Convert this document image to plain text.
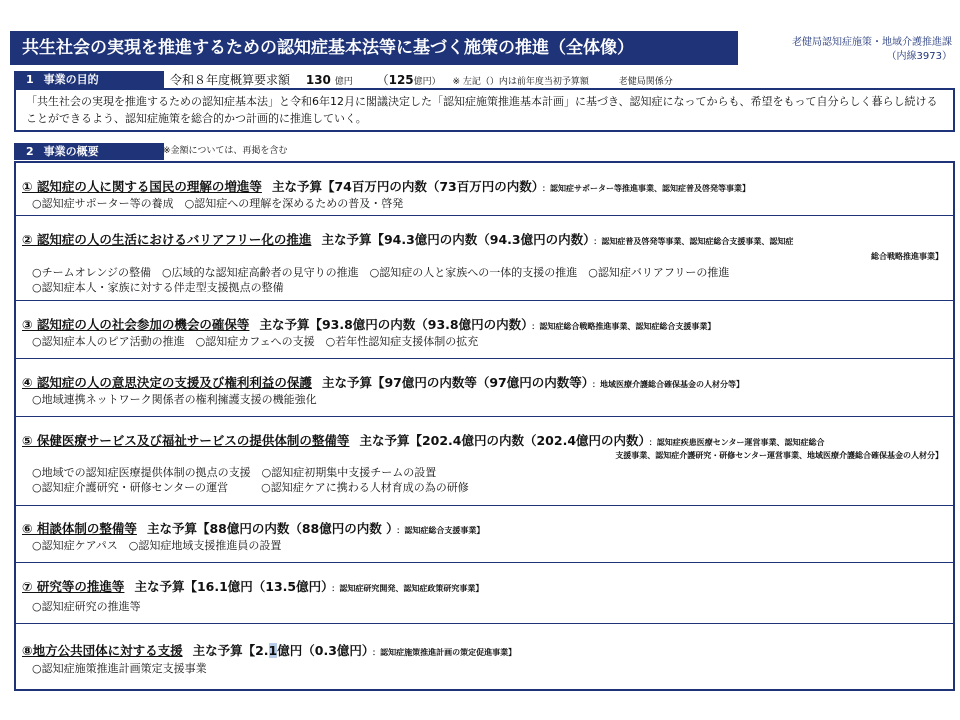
共生社会の実現を推進するための認知症基本法等に基づく施策の推進（全体像）	老健局認知症施策・地域介護推進課
（内線3973）
1 事業の目的	令和８年度概算要求額 130 億円 （125億円） ※ 左記（）内は前年度当初予算額	老健局関係分
「共生社会の実現を推進するための認知症基本法」と令和6年12月に閣議決定した「認知症施策推進基本計画」に基づき、認知症になってからも、希望をもって自分らしく暮らし続けることができるよう、認知症施策を総合的かつ計画的に推進していく。
2 事業の概要	※金額については、再掲を含む
① 認知症の人に関する国民の理解の増進等 主な予算【74百万円の内数（73百万円の内数） ：認知症サポーター等推進事業、認知症普及啓発等事業】
○認知症サポーター等の養成　○認知症への理解を深めるための普及・啓発
② 認知症の人の生活におけるバリアフリー化の推進 主な予算【94.3億円の内数（94.3億円の内数） ：認知症普及啓発等事業、認知症総合支援事業、認知症
総合戦略推進事業】
○チームオレンジの整備　○広域的な認知症高齢者の見守りの推進　○認知症の人と家族への一体的支援の推進　○認知症バリアフリーの推進
○認知症本人・家族に対する伴走型支援拠点の整備
③ 認知症の人の社会参加の機会の確保等 主な予算【93.8億円の内数（93.8億円の内数） ：認知症総合戦略推進事業、認知症総合支援事業】
○認知症本人のピア活動の推進　○認知症カフェへの支援　○若年性認知症支援体制の拡充
④ 認知症の人の意思決定の支援及び権利利益の保護 主な予算【97億円の内数等（97億円の内数等） ：地域医療介護総合確保基金の人材分等】
○地域連携ネットワーク関係者の権利擁護支援の機能強化
⑤ 保健医療サービス及び福祉サービスの提供体制の整備等 主な予算【202.4億円の内数（202.4億円の内数） ：認知症疾患医療センター運営事業、認知症総合
支援事業、認知症介護研究・研修センター運営事業、地域医療介護総合確保基金の人材分】
○地域での認知症医療提供体制の拠点の支援　○認知症初期集中支援チームの設置
○認知症介護研究・研修センターの運営　　　○認知症ケアに携わる人材育成の為の研修
⑥ 相談体制の整備等 主な予算【88億円の内数（88億円の内数 ） ：認知症総合支援事業】
○認知症ケアパス　○認知症地域支援推進員の設置
⑦ 研究等の推進等 主な予算【16.1億円（13.5億円） ：認知症研究開発、認知症政策研究事業】
○認知症研究の推進等
⑧地方公共団体に対する支援 主な予算【2.1億円（0.3億円） ：認知症施策推進計画の策定促進事業】
○認知症施策推進計画策定支援事業
